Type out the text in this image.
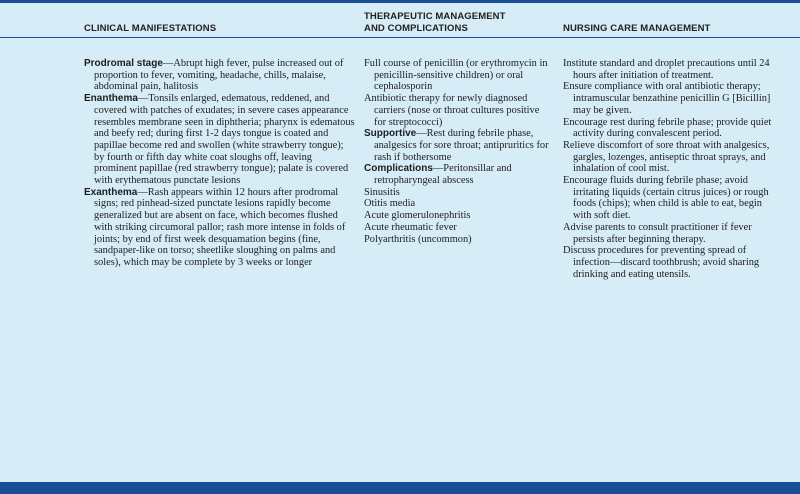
CLINICAL MANIFESTATIONS
THERAPEUTIC MANAGEMENT
AND COMPLICATIONS	NURSING CARE MANAGEMENT

Prodromal stage—Abrupt high fever, pulse increased out of proportion to fever, vomiting, headache, chills, malaise, abdominal pain, halitosis

Enanthema—Tonsils enlarged, edematous, reddened, and covered with patches of exudates; in severe cases appearance resembles membrane seen in diphtheria; pharynx is edematous and beefy red; during first 1-2 days tongue is coated and papillae become red and swollen (white strawberry tongue); by fourth or fifth day white coat sloughs off, leaving prominent papillae (red strawberry tongue); palate is covered with erythematous punctate lesions

Exanthema—Rash appears within 12 hours after prodromal signs; red pinhead-sized punctate lesions rapidly become generalized but are absent on face, which becomes flushed with striking circumoral pallor; rash more intense in folds of joints; by end of first week desquamation begins (fine, sandpaper-like on torso; sheetlike sloughing on palms and soles), which may be complete by 3 weeks or longer

Full course of penicillin (or erythromycin in penicillin-sensitive children) or oral cephalosporin

Antibiotic therapy for newly diagnosed carriers (nose or throat cultures positive for streptococci)

Supportive—Rest during febrile phase, analgesics for sore throat; antipruritics for rash if bothersome

Complications—Peritonsillar and retropharyngeal abscess

Sinusitis

Otitis media

Acute glomerulonephritis

Acute rheumatic fever

Polyarthritis (uncommon)

Institute standard and droplet precautions until 24 hours after initiation of treatment.

Ensure compliance with oral antibiotic therapy; intramuscular benzathine penicillin G [Bicillin] may be given.

Encourage rest during febrile phase; provide quiet activity during convalescent period.

Relieve discomfort of sore throat with analgesics, gargles, lozenges, antiseptic throat sprays, and inhalation of cool mist.

Encourage fluids during febrile phase; avoid irritating liquids (certain citrus juices) or rough foods (chips); when child is able to eat, begin with soft diet.

Advise parents to consult practitioner if fever persists after beginning therapy.

Discuss procedures for preventing spread of infection—discard toothbrush; avoid sharing drinking and eating utensils.
